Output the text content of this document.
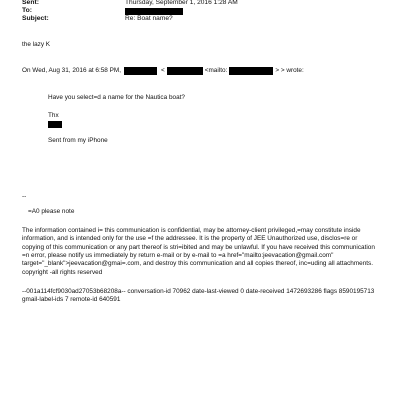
Sent:	Thursday, September 1, 2016 1:28 AM
To:
Subject:	Re: Boat name?
the lazy K
On Wed, Aug 31, 2016 at 6:58 PM,	<	<mailto:	> > wrote:
Have you select=d a name for the Nautica boat?
Thx
Sent from my iPhone
--
=A0 please note
The information contained i= this communication is confidential, may be attorney-client privileged,=may constitute inside information, and is intended only for the use =f the addressee. It is the property of JEE Unauthorized use, disclos=re or copying of this communication or any part thereof is stri=ibited and may be unlawful. If you have received this communication =n error, please notify us immediately by return e-mail or by e-mail to =a href="mailto:jeevacation@gmail.com" target="_blank">jeevacation@gmai=.com, and destroy this communication and all copies thereof, inc=uding all attachments. copyright -all rights reserved
--001a114fcf9030ad27053b68208a-- conversation-id 70962 date-last-viewed 0 date-received 1472693286 flags 8590195713 gmail-label-ids 7 remote-id 640591
